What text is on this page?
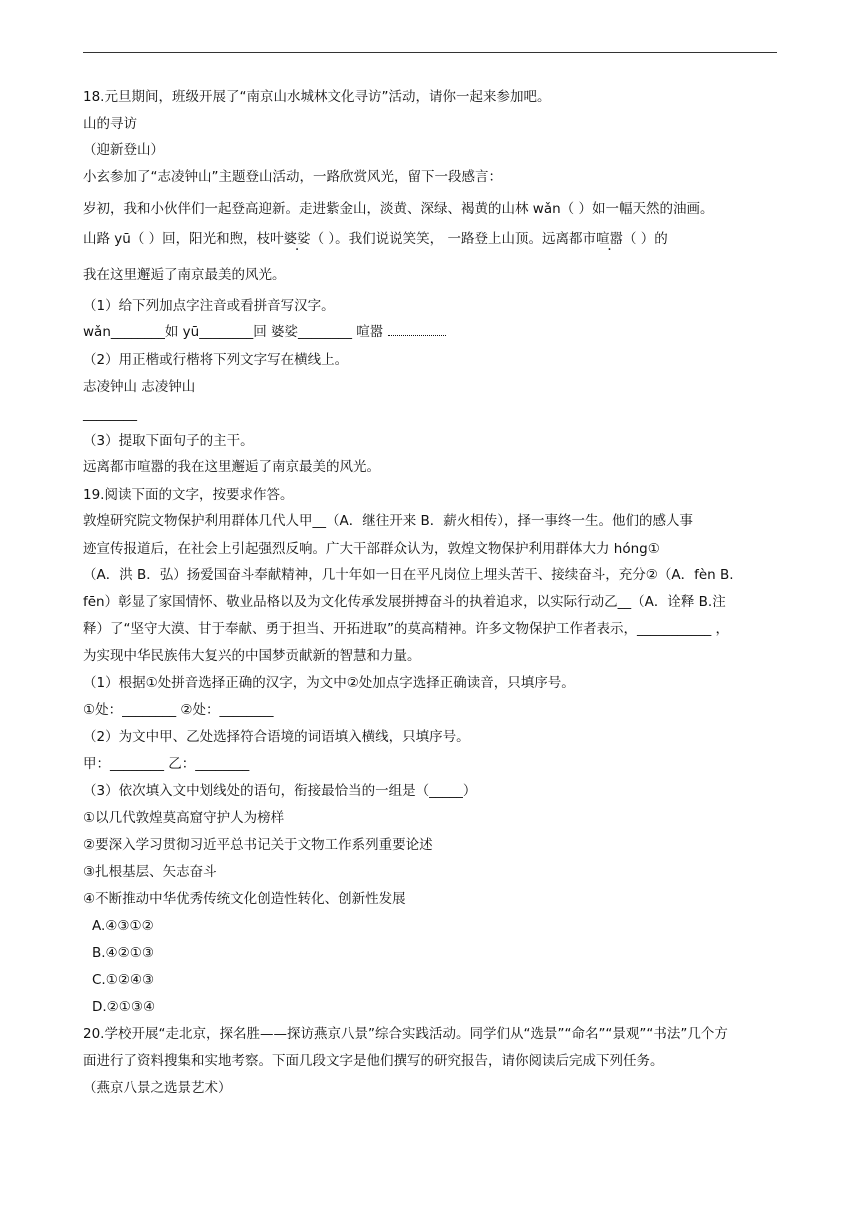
18.元旦期间，班级开展了“南京山水城林文化寻访”活动，请你一起来参加吧。
山的寻访
（迎新登山）
小玄参加了“志凌钟山”主题登山活动，一路欣赏风光，留下一段感言：
岁初，我和小伙伴们一起登高迎新。走进紫金山，淡黄、深绿、褐黄的山林 wǎn（ ）如一幅天然的油画。
山路 yū（ ）回，阳光和煦，枝叶婆娑（ ）。我们说说笑笑， 一路登上山顶。远离都市喧嚣（ ）的
我在这里邂逅了南京最美的风光。
（1）给下列加点字注音或看拼音写汉字。
wǎn________如 yū________回 婆娑________ 喧嚣
（2）用正楷或行楷将下列文字写在横线上。
志凌钟山 志凌钟山
________
（3）提取下面句子的主干。
远离都市喧嚣的我在这里邂逅了南京最美的风光。
19.阅读下面的文字，按要求作答。
敦煌研究院文物保护利用群体几代人甲__（A．继往开来 B．薪火相传），择一事终一生。他们的感人事
迹宣传报道后，在社会上引起强烈反响。广大干部群众认为，敦煌文物保护利用群体大力 hóng①
（A．洪 B．弘）扬爱国奋斗奉献精神，几十年如一日在平凡岗位上埋头苦干、接续奋斗，充分②（A．fèn B.
fēn）彰显了家国情怀、敬业品格以及为文化传承发展拼搏奋斗的执着追求，以实际行动乙__（A．诠释 B.注
释）了“坚守大漠、甘于奉献、勇于担当、开拓进取”的莫高精神。许多文物保护工作者表示，___________ ，
为实现中华民族伟大复兴的中国梦贡献新的智慧和力量。
（1）根据①处拼音选择正确的汉字，为文中②处加点字选择正确读音，只填序号。
①处：________ ②处：________
（2）为文中甲、乙处选择符合语境的词语填入横线，只填序号。
甲：________ 乙：________
（3）依次填入文中划线处的语句，衔接最恰当的一组是（_____）
①以几代敦煌莫高窟守护人为榜样
②要深入学习贯彻习近平总书记关于文物工作系列重要论述
③扎根基层、矢志奋斗
④不断推动中华优秀传统文化创造性转化、创新性发展
A.④③①②
B.④②①③
C.①②④③
D.②①③④
20.学校开展“走北京，探名胜——探访燕京八景”综合实践活动。同学们从“选景”“命名”“景观”“书法”几个方
面进行了资料搜集和实地考察。下面几段文字是他们撰写的研究报告，请你阅读后完成下列任务。
（燕京八景之选景艺术）
